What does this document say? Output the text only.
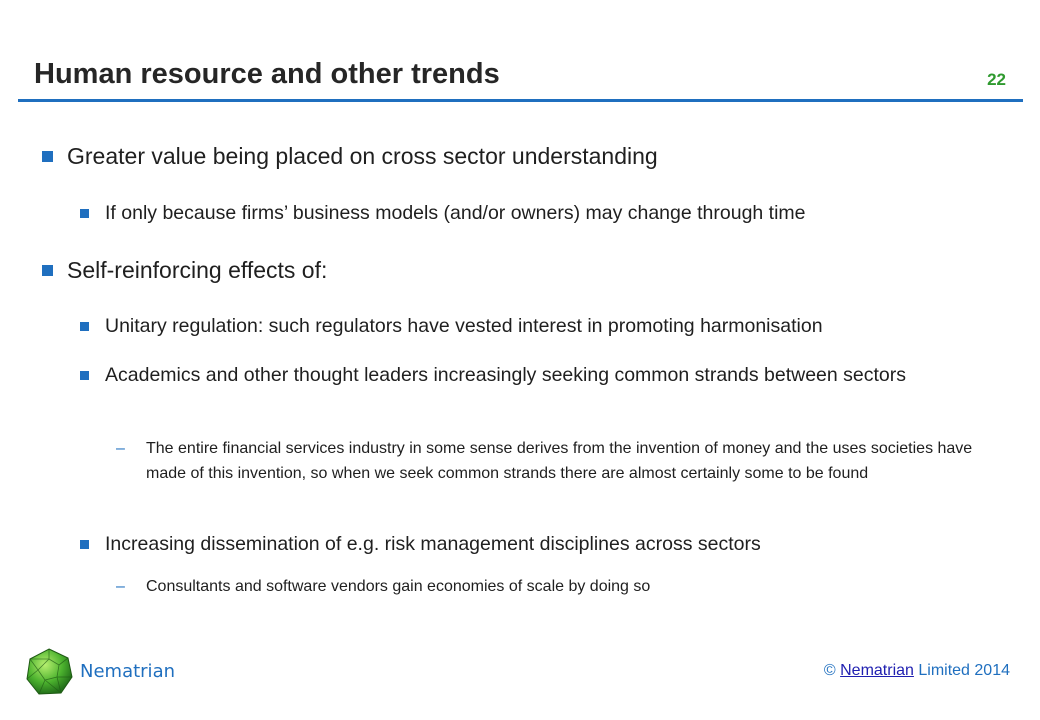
Human resource and other trends	22
Greater value being placed on cross sector understanding
If only because firms’ business models (and/or owners) may change through time
Self-reinforcing effects of:
Unitary regulation: such regulators have vested interest in promoting harmonisation
Academics and other thought leaders increasingly seeking common strands between sectors
– The entire financial services industry in some sense derives from the invention of money and the uses societies have made of this invention, so when we seek common strands there are almost certainly some to be found
Increasing dissemination of e.g. risk management disciplines across sectors
– Consultants and software vendors gain economies of scale by doing so
Nematrian	© Nematrian Limited 2014
